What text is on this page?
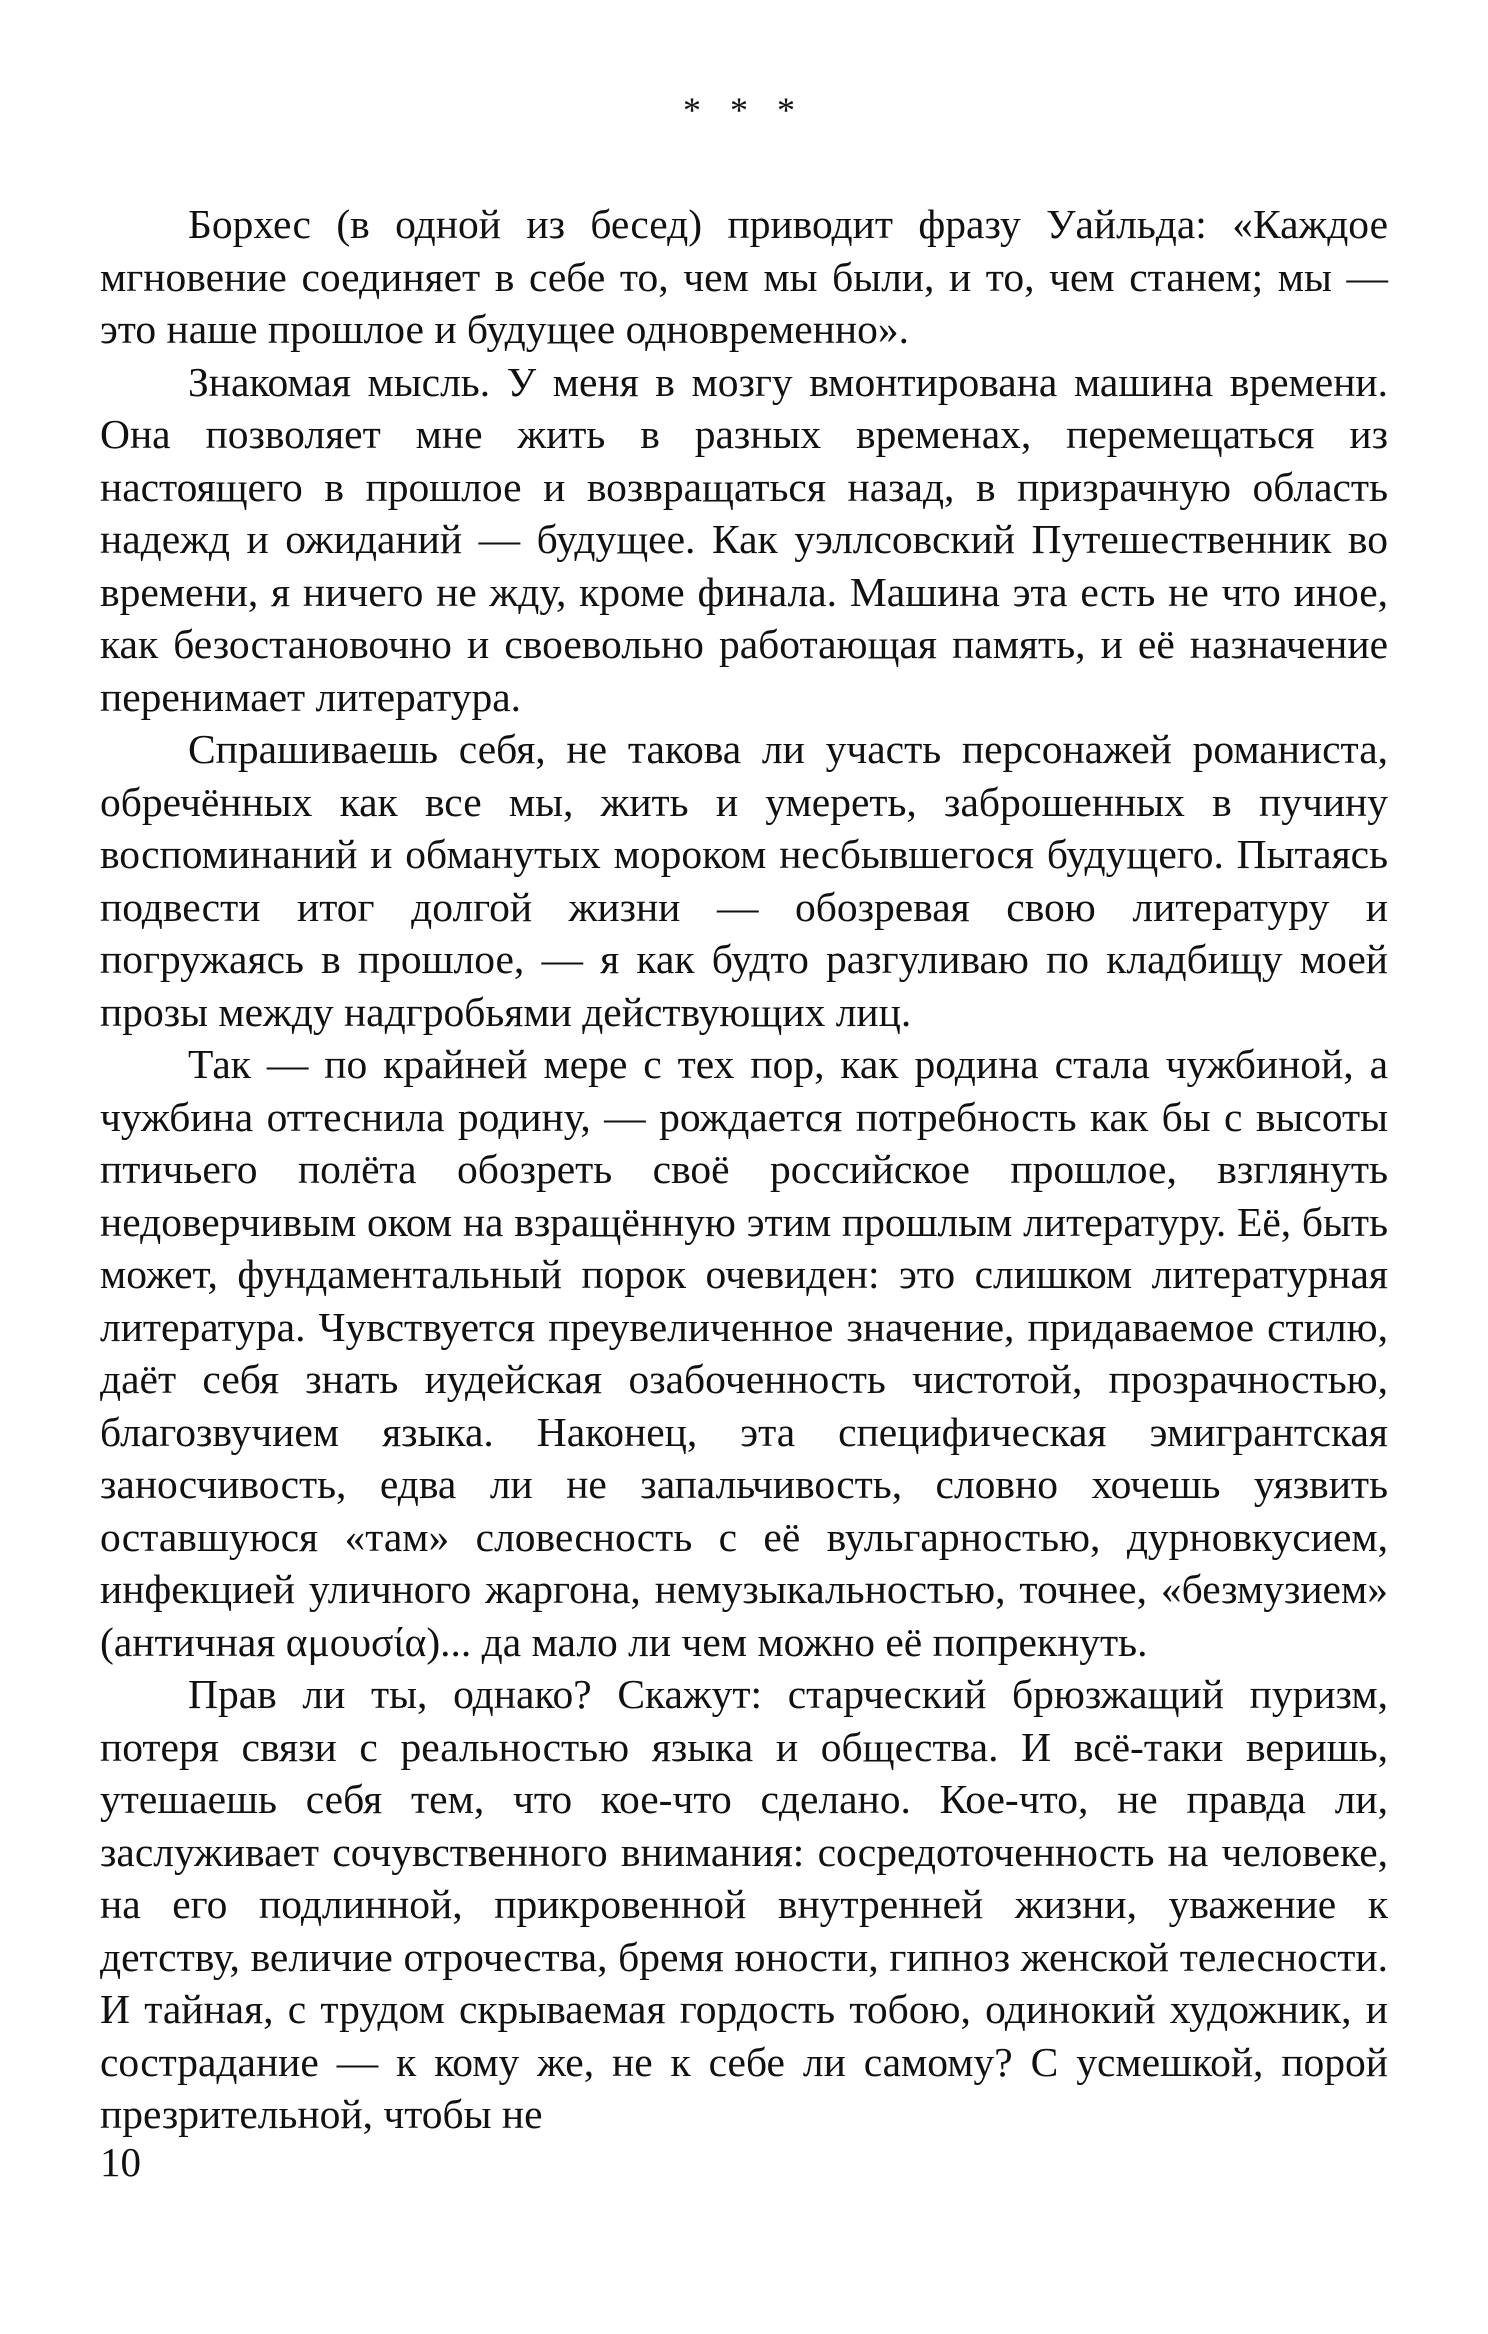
* * *

Борхес (в одной из бесед) приводит фразу Уайльда: «Каждое мгновение соединяет в себе то, чем мы были, и то, чем станем; мы — это наше прошлое и будущее одновременно».

Знакомая мысль. У меня в мозгу вмонтирована машина времени. Она позволяет мне жить в разных временах, перемещаться из настоящего в прошлое и возвращаться назад, в призрачную область надежд и ожиданий — будущее. Как уэллсовский Путешественник во времени, я ничего не жду, кроме финала. Машина эта есть не что иное, как безостановочно и своевольно работающая память, и её назначение перенимает литература.

Спрашиваешь себя, не такова ли участь персонажей романиста, обречённых как все мы, жить и умереть, заброшенных в пучину воспоминаний и обманутых мороком несбывшегося будущего. Пытаясь подвести итог долгой жизни — обозревая свою литературу и погружаясь в прошлое, — я как будто разгуливаю по кладбищу моей прозы между надгробьями действующих лиц.

Так — по крайней мере с тех пор, как родина стала чужбиной, а чужбина оттеснила родину, — рождается потребность как бы с высоты птичьего полёта обозреть своё российское прошлое, взглянуть недоверчивым оком на взращённую этим прошлым литературу. Её, быть может, фундаментальный порок очевиден: это слишком литературная литература. Чувствуется преувеличенное значение, придаваемое стилю, даёт себя знать иудейская озабоченность чистотой, прозрачностью, благозвучием языка. Наконец, эта специфическая эмигрантская заносчивость, едва ли не запальчивость, словно хочешь уязвить оставшуюся «там» словесность с её вульгарностью, дурновкусием, инфекцией уличного жаргона, немузыкальностью, точнее, «безмузием» (античная αμουσία)... да мало ли чем можно её попрекнуть.

Прав ли ты, однако? Скажут: старческий брюзжащий пуризм, потеря связи с реальностью языка и общества. И всё-таки веришь, утешаешь себя тем, что кое-что сделано. Кое-что, не правда ли, заслуживает сочувственного внимания: сосредоточенность на человеке, на его подлинной, прикровенной внутренней жизни, уважение к детству, величие отрочества, бремя юности, гипноз женской телесности. И тайная, с трудом скрываемая гордость тобою, одинокий художник, и сострадание — к кому же, не к себе ли самому? С усмешкой, порой презрительной, чтобы не

10
